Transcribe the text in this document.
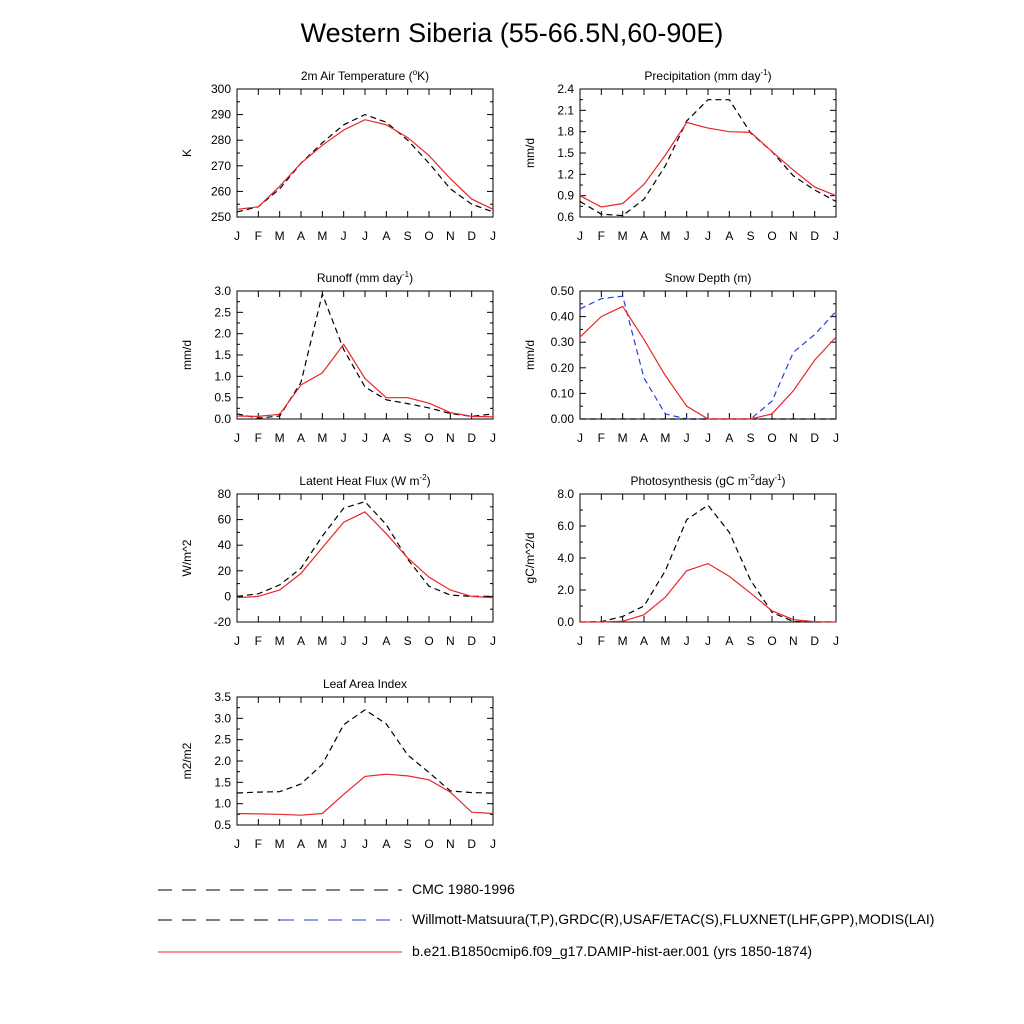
Western Siberia (55-66.5N,60-90E)
2m Air Temperature ($^o$K)
250
260
270
280
290
300
K
J F M A M J J A S O N D J
Precipitation (mm day$^{-1}$)
0.6
0.9
1.2
1.5
1.8
2.1
2.4
mm/d
J F M A M J J A S O N D J
Runoff (mm day$^{-1}$)
0.0
0.5
1.0
1.5
2.0
2.5
3.0
mm/d
J F M A M J J A S O N D J
Snow Depth (m)
0.00
0.10
0.20
0.30
0.40
0.50
mm/d
J F M A M J J A S O N D J
Latent Heat Flux (W $m^{-2}$)
-20
0
20
40
60
80
W/m^2
J F M A M J J A S O N D J
Photosynthesis (gC $m^{-2}day^{-1}$)
0.0
2.0
4.0
6.0
8.0
gC/m^2/d
J F M A M J J A S O N D J
Leaf Area Index
0.5
1.0
1.5
2.0
2.5
3.0
3.5
m2/m2
J F M A M J J A S O N D J
CMC 1980-1996
Willmott-Matsuura(T,P),GRDC(R),USAF/ETAC(S),FLUXNET(LHF,GPP),MODIS(LAI)
b.e21.B1850cmip6.f09_g17.DAMIP-hist-aer.001 (yrs 1850-1874)
